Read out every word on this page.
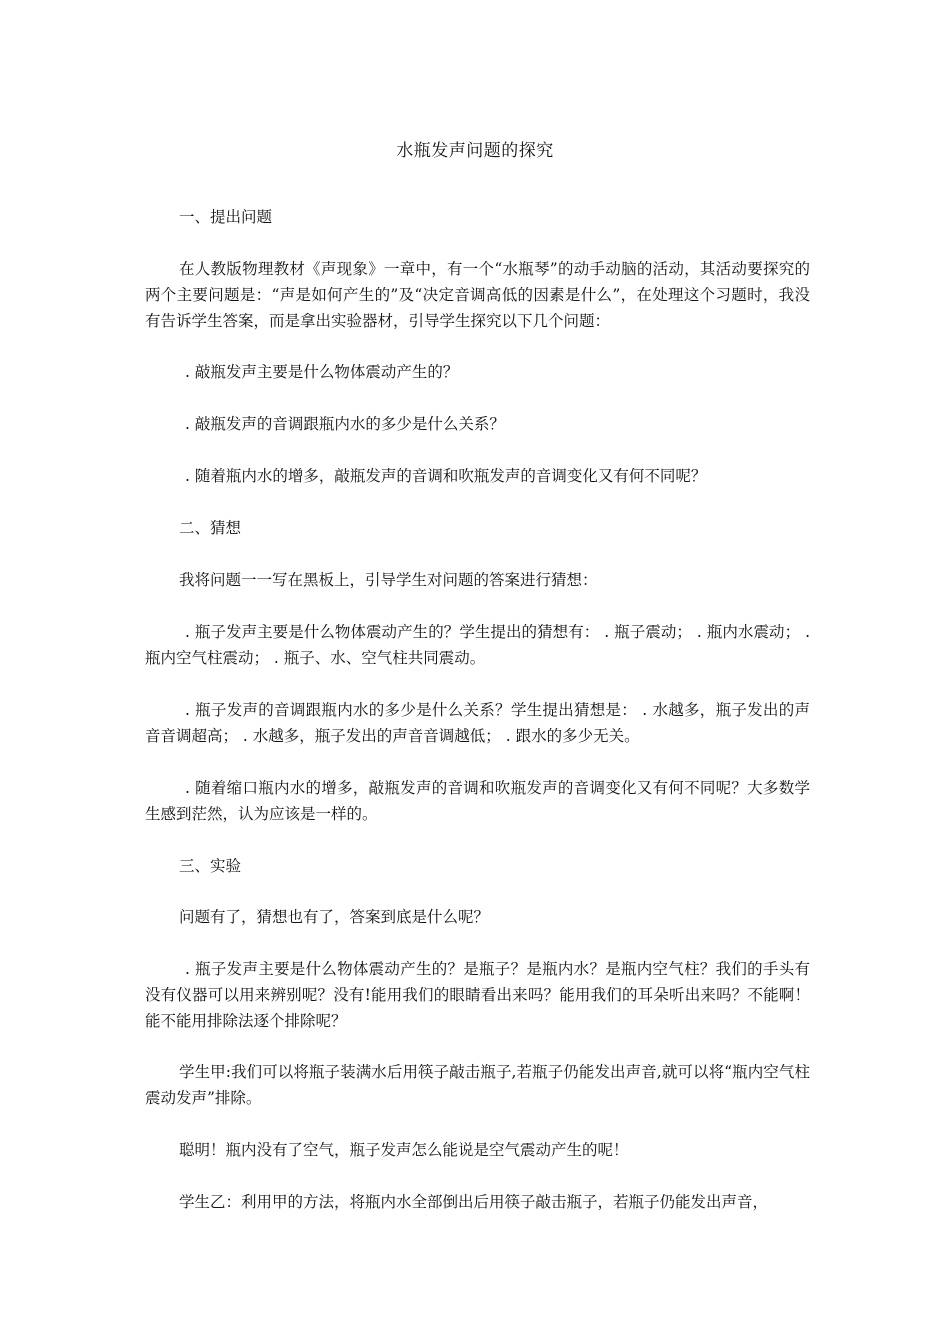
水瓶发声问题的探究

一、提出问题

在人教版物理教材《声现象》一章中，有一个“水瓶琴”的动手动脑的活动，其活动要探究的两个主要问题是：“声是如何产生的”及“决定音调高低的因素是什么”，在处理这个习题时，我没有告诉学生答案，而是拿出实验器材，引导学生探究以下几个问题：

. 敲瓶发声主要是什么物体震动产生的？

. 敲瓶发声的音调跟瓶内水的多少是什么关系？

. 随着瓶内水的增多，敲瓶发声的音调和吹瓶发声的音调变化又有何不同呢？

二、猜想

我将问题一一写在黑板上，引导学生对问题的答案进行猜想：

. 瓶子发声主要是什么物体震动产生的？学生提出的猜想有： . 瓶子震动； . 瓶内水震动； . 瓶内空气柱震动； . 瓶子、水、空气柱共同震动。

. 瓶子发声的音调跟瓶内水的多少是什么关系？学生提出猜想是： . 水越多，瓶子发出的声音音调超高； . 水越多，瓶子发出的声音音调越低； . 跟水的多少无关。

. 随着缩口瓶内水的增多，敲瓶发声的音调和吹瓶发声的音调变化又有何不同呢？大多数学生感到茫然，认为应该是一样的。

三、实验

问题有了，猜想也有了，答案到底是什么呢？

. 瓶子发声主要是什么物体震动产生的？是瓶子？是瓶内水？是瓶内空气柱？我们的手头有没有仪器可以用来辨别呢？没有!能用我们的眼睛看出来吗？能用我们的耳朵听出来吗？不能啊！能不能用排除法逐个排除呢？

学生甲:我们可以将瓶子装满水后用筷子敲击瓶子,若瓶子仍能发出声音,就可以将“瓶内空气柱震动发声”排除。

聪明！瓶内没有了空气，瓶子发声怎么能说是空气震动产生的呢！

学生乙：利用甲的方法，将瓶内水全部倒出后用筷子敲击瓶子，若瓶子仍能发出声音，
